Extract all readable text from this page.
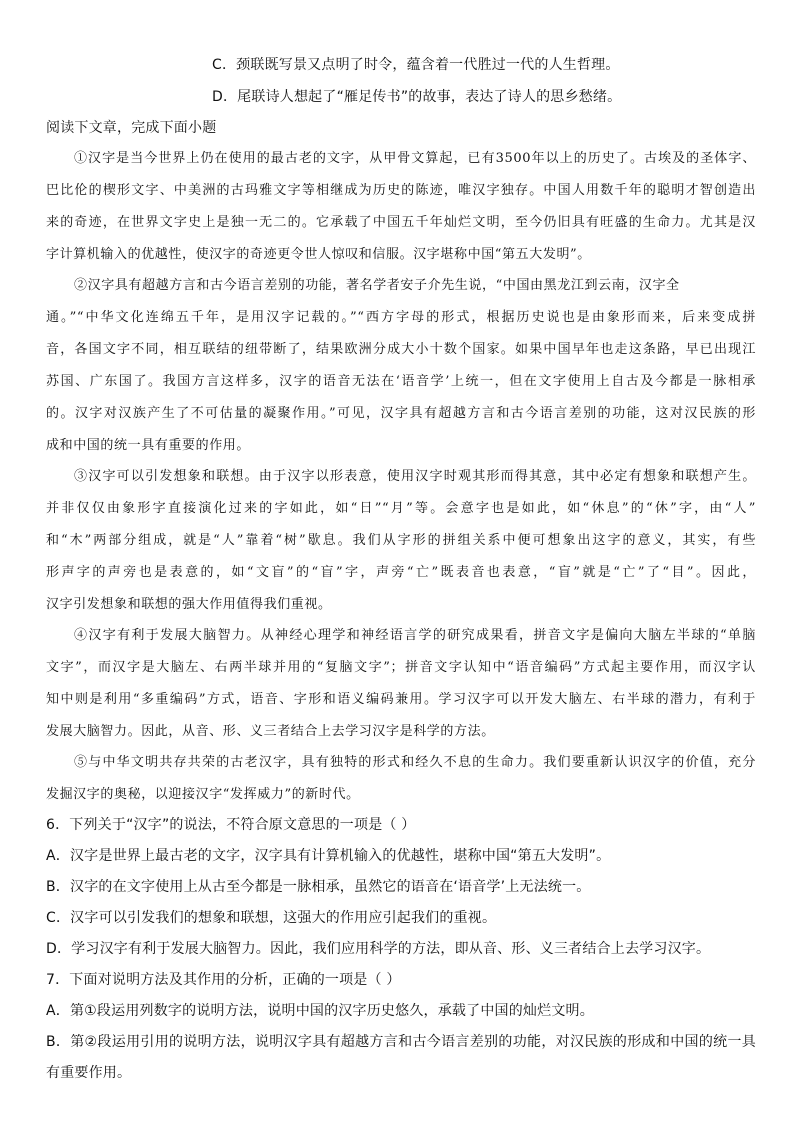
C．颈联既写景又点明了时令，蕴含着一代胜过一代的人生哲理。
D．尾联诗人想起了“雁足传书”的故事，表达了诗人的思乡愁绪。
阅读下文章，完成下面小题
①汉字是当今世界上仍在使用的最古老的文字，从甲骨文算起，已有3500年以上的历史了。古埃及的圣体字、
巴比伦的楔形文字、中美洲的古玛雅文字等相继成为历史的陈迹，唯汉字独存。中国人用数千年的聪明才智创造出
来的奇迹，在世界文字史上是独一无二的。它承载了中国五千年灿烂文明，至今仍旧具有旺盛的生命力。尤其是汉
字计算机输入的优越性，使汉字的奇迹更令世人惊叹和信服。汉字堪称中国“第五大发明”。
②汉字具有超越方言和古今语言差别的功能，著名学者安子介先生说，“中国由黑龙江到云南，汉字全
通。”“中华文化连绵五千年，是用汉字记载的。”“西方字母的形式，根据历史说也是由象形而来，后来变成拼
音，各国文字不同，相互联结的纽带断了，结果欧洲分成大小十数个国家。如果中国早年也走这条路，早已出现江
苏国、广东国了。我国方言这样多，汉字的语音无法在‘语音学’上统一，但在文字使用上自古及今都是一脉相承
的。汉字对汉族产生了不可估量的凝聚作用。”可见，汉字具有超越方言和古今语言差别的功能，这对汉民族的形
成和中国的统一具有重要的作用。
③汉字可以引发想象和联想。由于汉字以形表意，使用汉字时观其形而得其意，其中必定有想象和联想产生。
并非仅仅由象形字直接演化过来的字如此，如“日”“月”等。会意字也是如此，如“休息”的“休”字，由“人”
和“木”两部分组成，就是“人”靠着“树”歇息。我们从字形的拼组关系中便可想象出这字的意义，其实，有些
形声字的声旁也是表意的，如“文盲”的“盲”字，声旁“亡”既表音也表意，“盲”就是“亡”了“目”。因此，
汉字引发想象和联想的强大作用值得我们重视。
④汉字有利于发展大脑智力。从神经心理学和神经语言学的研究成果看，拼音文字是偏向大脑左半球的“单脑
文字”，而汉字是大脑左、右两半球并用的“复脑文字”；拼音文字认知中“语音编码”方式起主要作用，而汉字认
知中则是利用“多重编码”方式，语音、字形和语义编码兼用。学习汉字可以开发大脑左、右半球的潜力，有利于
发展大脑智力。因此，从音、形、义三者结合上去学习汉字是科学的方法。
⑤与中华文明共存共荣的古老汉字，具有独特的形式和经久不息的生命力。我们要重新认识汉字的价值，充分
发掘汉字的奥秘，以迎接汉字“发挥威力”的新时代。
6．下列关于“汉字”的说法，不符合原文意思的一项是（ ）
A．汉字是世界上最古老的文字，汉字具有计算机输入的优越性，堪称中国“第五大发明”。
B．汉字的在文字使用上从古至今都是一脉相承，虽然它的语音在‘语音学’上无法统一。
C．汉字可以引发我们的想象和联想，这强大的作用应引起我们的重视。
D．学习汉字有利于发展大脑智力。因此，我们应用科学的方法，即从音、形、义三者结合上去学习汉字。
7．下面对说明方法及其作用的分析，正确的一项是（ ）
A．第①段运用列数字的说明方法，说明中国的汉字历史悠久，承载了中国的灿烂文明。
B．第②段运用引用的说明方法，说明汉字具有超越方言和古今语言差别的功能，对汉民族的形成和中国的统一具
有重要作用。
